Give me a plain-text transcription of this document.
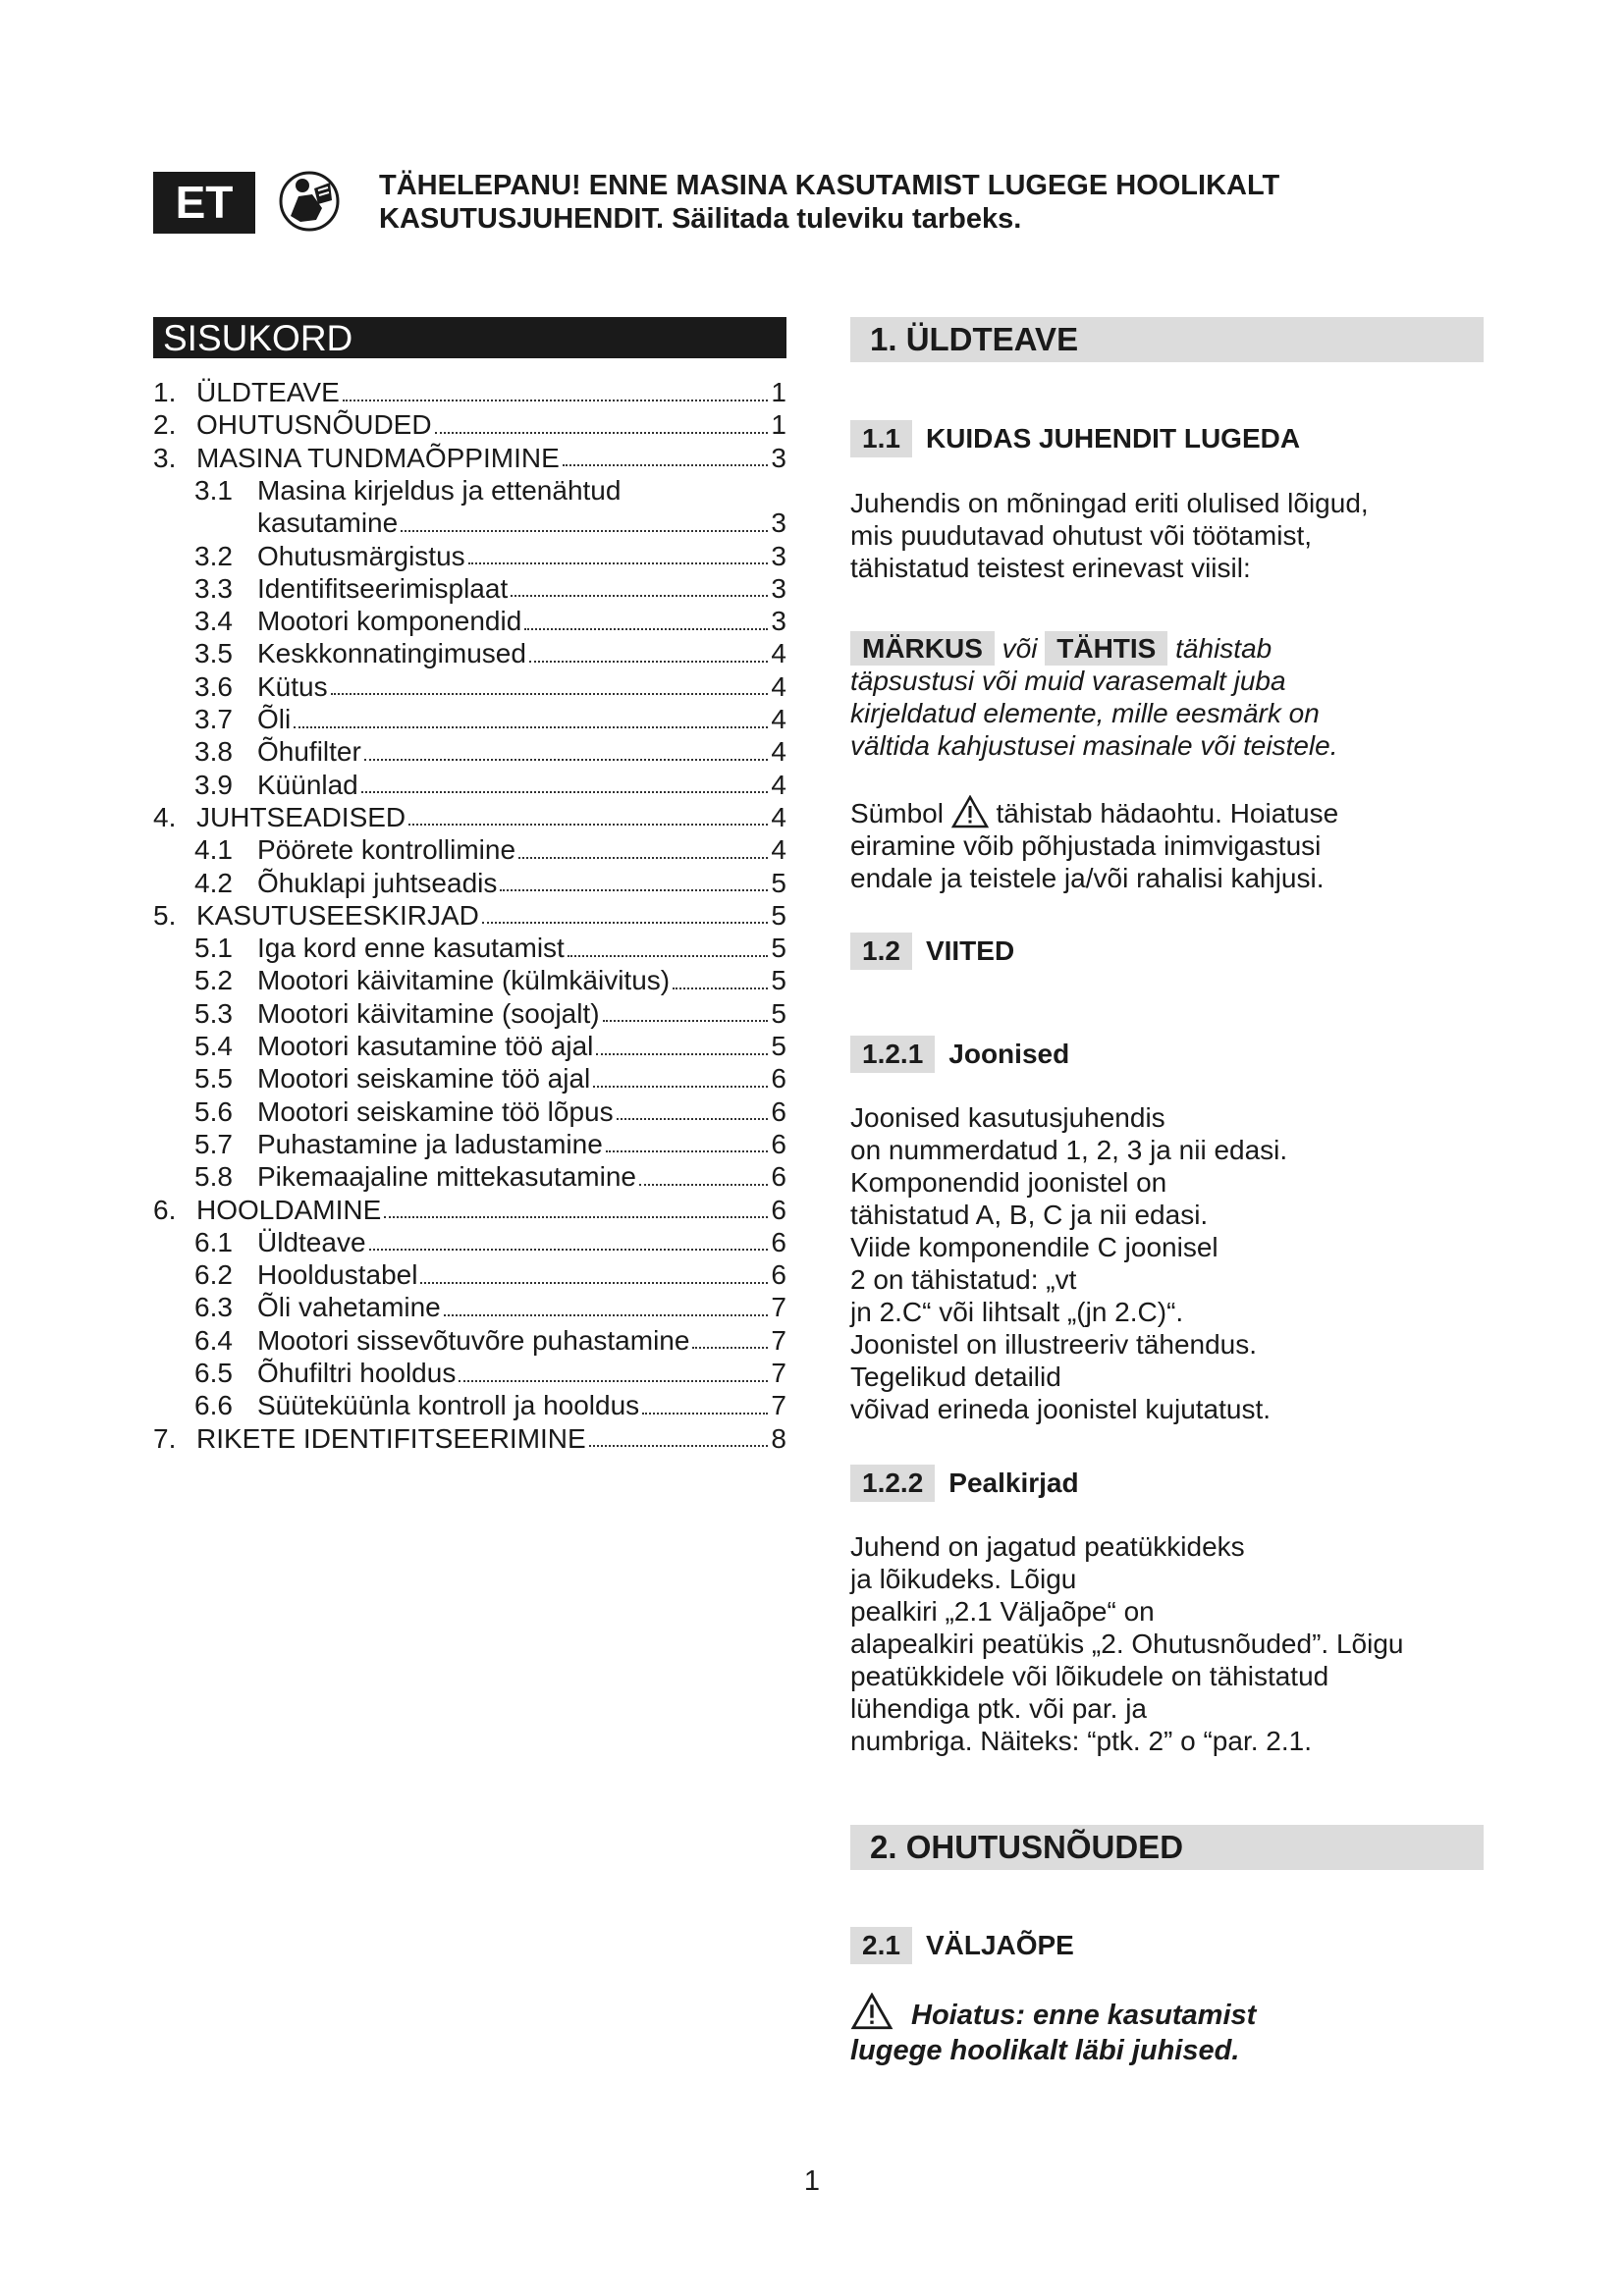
ET	TÄHELEPANU! ENNE MASINA KASUTAMIST LUGEGE HOOLIKALT
KASUTUSJUHENDIT. Säilitada tuleviku tarbeks.
SISUKORD
1. ÜLDTEAVE	1
2. OHUTUSNÕUDED	1
3. MASINA TUNDMAÕPPIMINE	3
3.1 Masina kirjeldus ja ettenähtud
kasutamine	3
3.2 Ohutusmärgistus	3
3.3 Identifitseerimisplaat	3
3.4 Mootori komponendid	3
3.5 Keskkonnatingimused	4
3.6 Kütus	4
3.7 Õli	4
3.8 Õhufilter	4
3.9 Küünlad	4
4. JUHTSEADISED	4
4.1 Pöörete kontrollimine	4
4.2 Õhuklapi juhtseadis	5
5. KASUTUSEESKIRJAD	5
5.1 Iga kord enne kasutamist	5
5.2 Mootori käivitamine (külmkäivitus)	5
5.3 Mootori käivitamine (soojalt)	5
5.4 Mootori kasutamine töö ajal	5
5.5 Mootori seiskamine töö ajal	6
5.6 Mootori seiskamine töö lõpus	6
5.7 Puhastamine ja ladustamine	6
5.8 Pikemaajaline mittekasutamine	6
6. HOOLDAMINE	6
6.1 Üldteave	6
6.2 Hooldustabel	6
6.3 Õli vahetamine	7
6.4 Mootori sissevõtuvõre puhastamine	7
6.5 Õhufiltri hooldus	7
6.6 Süüteküünla kontroll ja hooldus	7
7. RIKETE IDENTIFITSEERIMINE	8
1. ÜLDTEAVE
1.1 KUIDAS JUHENDIT LUGEDA
Juhendis on mõningad eriti olulised lõigud,
mis puudutavad ohutust või töötamist,
tähistatud teistest erinevast viisil:
MÄRKUS või TÄHTIS tähistab
täpsustusi või muid varasemalt juba
kirjeldatud elemente, mille eesmärk on
vältida kahjustusei masinale või teistele.
Sümbol tähistab hädaohtu. Hoiatuse
eiramine võib põhjustada inimvigastusi
endale ja teistele ja/või rahalisi kahjusi.
1.2 VIITED
1.2.1 Joonised
Joonised kasutusjuhendis
on nummerdatud 1, 2, 3 ja nii edasi.
Komponendid joonistel on
tähistatud A, B, C ja nii edasi.
Viide komponendile C joonisel
2 on tähistatud: „vt
jn 2.C“ või lihtsalt „(jn 2.C)“.
Joonistel on illustreeriv tähendus.
Tegelikud detailid
võivad erineda joonistel kujutatust.
1.2.2 Pealkirjad
Juhend on jagatud peatükkideks
ja lõikudeks. Lõigu
pealkiri „2.1 Väljaõpe“ on
alapealkiri peatükis „2. Ohutusnõuded”. Lõigu
peatükkidele või lõikudele on tähistatud
lühendiga ptk. või par. ja
numbriga. Näiteks: “ptk. 2” o “par. 2.1.
2. OHUTUSNÕUDED
2.1 VÄLJAÕPE
Hoiatus: enne kasutamist
lugege hoolikalt läbi juhised.
1
